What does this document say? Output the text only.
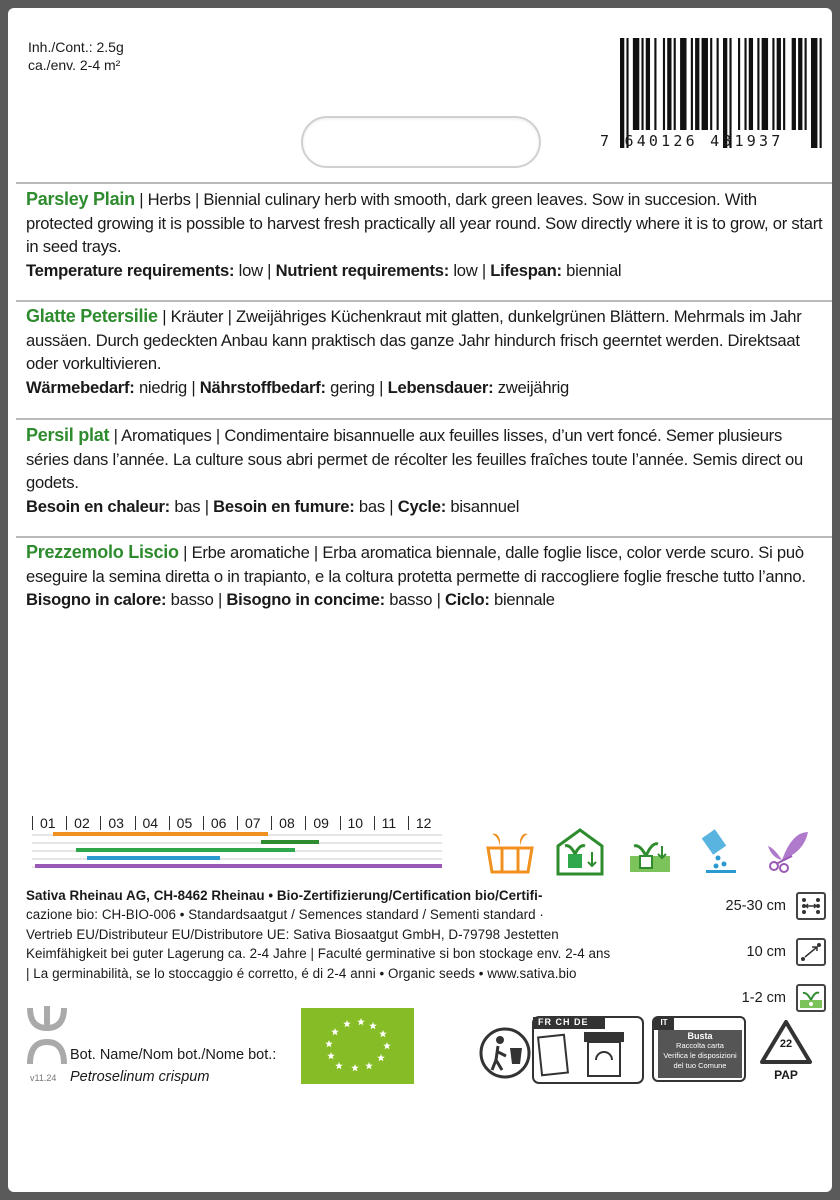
Inh./Cont.: 2.5g
ca./env. 2-4 m²
7 640126 481937
Parsley Plain | Herbs | Biennial culinary herb with smooth, dark green leaves. Sow in succesion. With protected growing it is possible to harvest fresh practically all year round. Sow directly where it is to grow, or start in seed trays.
Temperature requirements: low | Nutrient requirements: low | Lifespan: biennial
Glatte Petersilie | Kräuter | Zweijähriges Küchenkraut mit glatten, dunkelgrünen Blättern. Mehrmals im Jahr aussäen. Durch gedeckten Anbau kann praktisch das ganze Jahr hindurch frisch geerntet werden. Direktsaat oder vorkultivieren.
Wärmebedarf: niedrig | Nährstoffbedarf: gering | Lebensdauer: zweijährig
Persil plat | Aromatiques | Condimentaire bisannuelle aux feuilles lisses, d’un vert foncé. Semer plusieurs séries dans l’année. La culture sous abri permet de récolter les feuilles fraîches toute l’année. Semis direct ou godets.
Besoin en chaleur: bas | Besoin en fumure: bas | Cycle: bisannuel
Prezzemolo Liscio | Erbe aromatiche | Erba aromatica biennale, dalle foglie lisce, color verde scuro. Si può eseguire la semina diretta o in trapianto, e la coltura protetta permette di raccogliere foglie fresche tutto l’anno.
Bisogno in calore: basso | Bisogno in concime: basso | Ciclo: biennale
01 02 03 04 05 06 07 08 09 10 11 12
Sativa Rheinau AG, CH-8462 Rheinau • Bio-Zertifizierung/Certification bio/Certifi-
cazione bio: CH-BIO-006 • Standardsaatgut / Semences standard / Sementi standard ·
Vertrieb EU/Distributeur EU/Distributore UE: Sativa Biosaatgut GmbH, D-79798 Jestetten
Keimfähigkeit bei guter Lagerung ca. 2-4 Jahre | Faculté germinative si bon stockage env. 2-4 ans
| La germinabilità, se lo stoccaggio é corretto, é di 2-4 anni • Organic seeds • www.sativa.bio
25-30 cm
10 cm
1-2 cm
v11.24
Bot. Name/Nom bot./Nome bot.:
Petroselinum crispum
FR CH DE	IT
Busta
Raccolta carta
Verifica le disposizioni
del tuo Comune
22
PAP
